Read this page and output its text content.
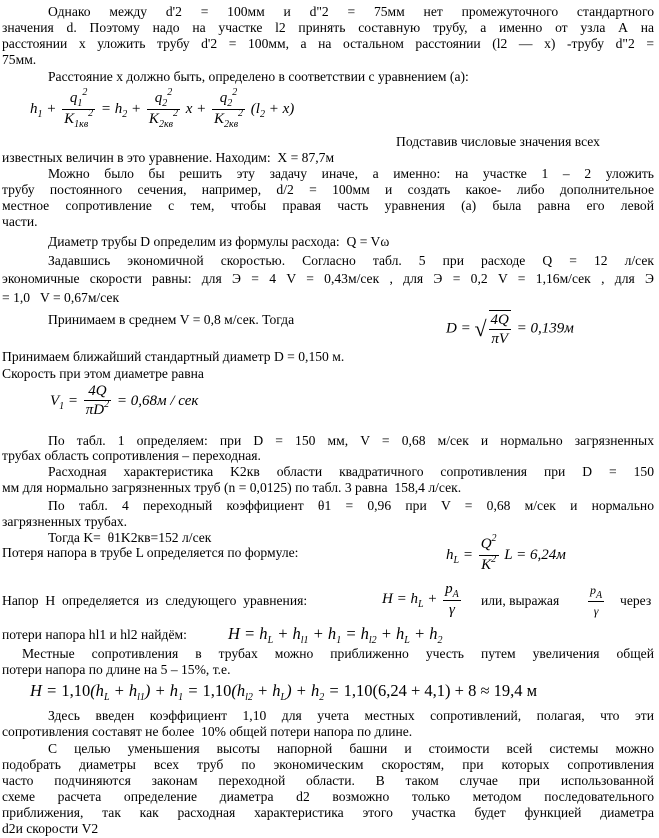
Однако между d'2 = 100мм и d"2 = 75мм нет промежуточного стандартного
значения d. Поэтому надо на участке l2 принять составную трубу, а именно от узла А на
расстоянии x уложить трубу d'2 = 100мм, а на остальном расстоянии (l2 — x) -трубу d"2 =
75мм.
Расстояние x должно быть, определено в соответствии с уравнением (а):
$h_1 + \frac{q_1^2}{K_{1кв}^2} = h_2 + \frac{q_2^2}{K_{2кв}^2}$ $x + \frac{q_2^2}{K_{2кв}^2} (l_2 + x)$
Подставив числовые значения всех
известных величин в это уравнение. Находим:  X = 87,7м
Можно было бы решить эту задачу иначе, а именно: на участке 1 – 2 уложить
трубу постоянного сечения, например, d/2 = 100мм и создать какое- либо дополнительное
местное сопротивление с тем, чтобы правая часть уравнения (а) была равна его левой
части.
Диаметр трубы D определим из формулы расхода:  Q = Vω
Задавшись экономичной скоростью. Согласно табл. 5 при расходе Q = 12 л/сек
экономичные скорости равны: для Э = 4 V = 0,43м/сек , для Э = 0,2 V = 1,16м/сек , для Э
= 1,0   V = 0,67м/сек
Принимаем в среднем V = 0,8 м/сек. Тогда
D = √ $\frac{4Q}{\pi V} = 0,139м$
Принимаем ближайший стандартный диаметр D = 0,150 м.
Скорость при этом диаметре равна
$V_1 = \frac{4Q}{\pi D^2} = 0,68м$ / сек
По табл. 1 определяем: при D = 150 мм, V = 0,68 м/сек и нормально загрязненных
трубах область сопротивления – переходная.
Расходная характеристика K2кв области квадратичного сопротивления при D = 150
мм для нормально загрязненных труб (n = 0,0125) по табл. 3 равна  158,4 л/сек.
По табл. 4 переходный коэффициент θ1 = 0,96 при V = 0,68 м/сек и нормально
загрязненных трубах.
Тогда K=  θ1K2кв=152 л/сек
Потеря напора в трубе L определяется по формуле:	$h_L = \frac{Q^2}{K^2}$ L = 6,24м
Напор  Н  определяется  из  следующего  уравнения:	$H = h_L + \frac{p_A}{\gamma}$ или, выражая $\frac{p_A}{\gamma}$ через
потери напора hl1 и hl2 найдём: $H = h_L + h_{l1} + h_1 = h_{l2} + h_L + h_2$
Местные сопротивления в трубах можно приближенно учесть путем увеличения общей
потери напора по длине на 5 – 15%, т.е.
$H = 1,10(h_L + h_{l1}) + h_1 = 1,10(h_{l2} + h_L) + h_2 = 1,10(6,24 + 4,1) + 8 \approx 19,4$ м
Здесь введен коэффициент 1,10 для учета местных сопротивлений, полагая, что эти
сопротивления составят не более  10% общей потери напора по длине.
С целью уменьшения высоты напорной башни и стоимости всей системы можно
подобрать диаметры всех труб по экономическим скоростям, при которых сопротивления
часто подчиняются законам переходной области. В таком случае при использованной
схеме расчета определение диаметра d2 возможно только методом последовательного
приближения, так как расходная характеристика этого участка будет функцией диаметра
d2и скорости V2
